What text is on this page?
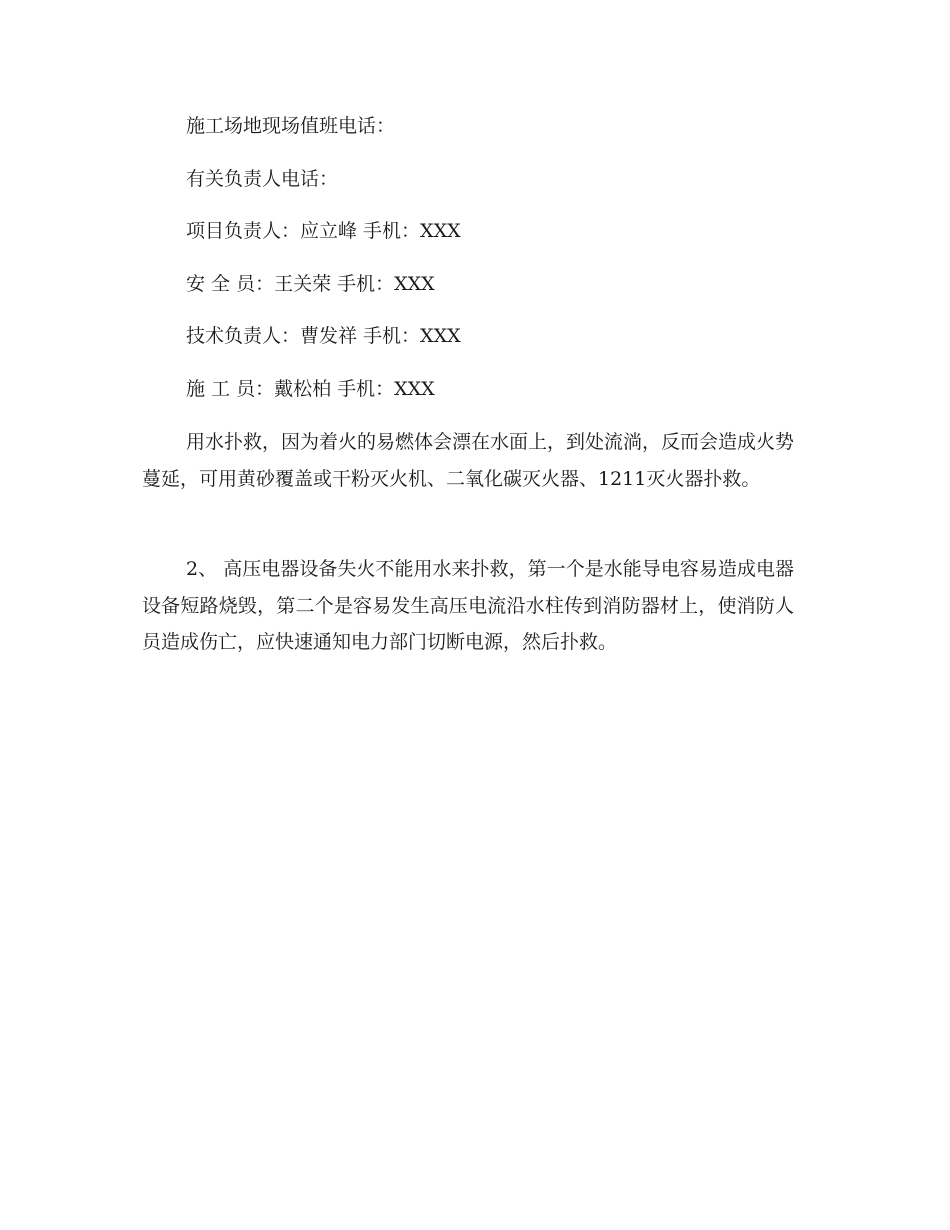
施工场地现场值班电话：
有关负责人电话：
项目负责人：应立峰 手机：XXX
安 全 员：王关荣 手机：XXX
技术负责人：曹发祥 手机：XXX
施 工 员：戴松柏 手机：XXX

用水扑救，因为着火的易燃体会漂在水面上，到处流淌，反而会造成火势蔓延，可用黄砂覆盖或干粉灭火机、二氧化碳灭火器、1211灭火器扑救。

2、 高压电器设备失火不能用水来扑救，第一个是水能导电容易造成电器设备短路烧毁，第二个是容易发生高压电流沿水柱传到消防器材上，使消防人员造成伤亡，应快速通知电力部门切断电源，然后扑救。
